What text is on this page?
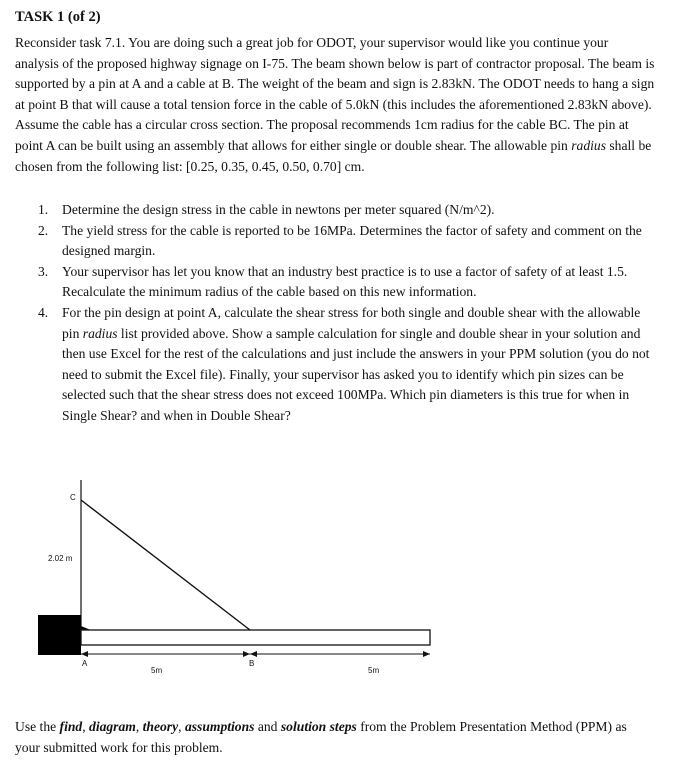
TASK 1 (of 2)

Reconsider task 7.1. You are doing such a great job for ODOT, your supervisor would like you continue your analysis of the proposed highway signage on I-75. The beam shown below is part of contractor proposal. The beam is supported by a pin at A and a cable at B. The weight of the beam and sign is 2.83kN. The ODOT needs to hang a sign at point B that will cause a total tension force in the cable of 5.0kN (this includes the aforementioned 2.83kN above). Assume the cable has a circular cross section. The proposal recommends 1cm radius for the cable BC. The pin at point A can be built using an assembly that allows for either single or double shear. The allowable pin radius shall be chosen from the following list: [0.25, 0.35, 0.45, 0.50, 0.70] cm.

1. Determine the design stress in the cable in newtons per meter squared (N/m^2).
2. The yield stress for the cable is reported to be 16MPa. Determines the factor of safety and comment on the designed margin.
3. Your supervisor has let you know that an industry best practice is to use a factor of safety of at least 1.5. Recalculate the minimum radius of the cable based on this new information.
4. For the pin design at point A, calculate the shear stress for both single and double shear with the allowable pin radius list provided above. Show a sample calculation for single and double shear in your solution and then use Excel for the rest of the calculations and just include the answers in your PPM solution (you do not need to submit the Excel file). Finally, your supervisor has asked you to identify which pin sizes can be selected such that the shear stress does not exceed 100MPa. Which pin diameters is this true for when in Single Shear? and when in Double Shear?
C
2.02 m
A	B
5m	5m

Use the find, diagram, theory, assumptions and solution steps from the Problem Presentation Method (PPM) as your submitted work for this problem.
